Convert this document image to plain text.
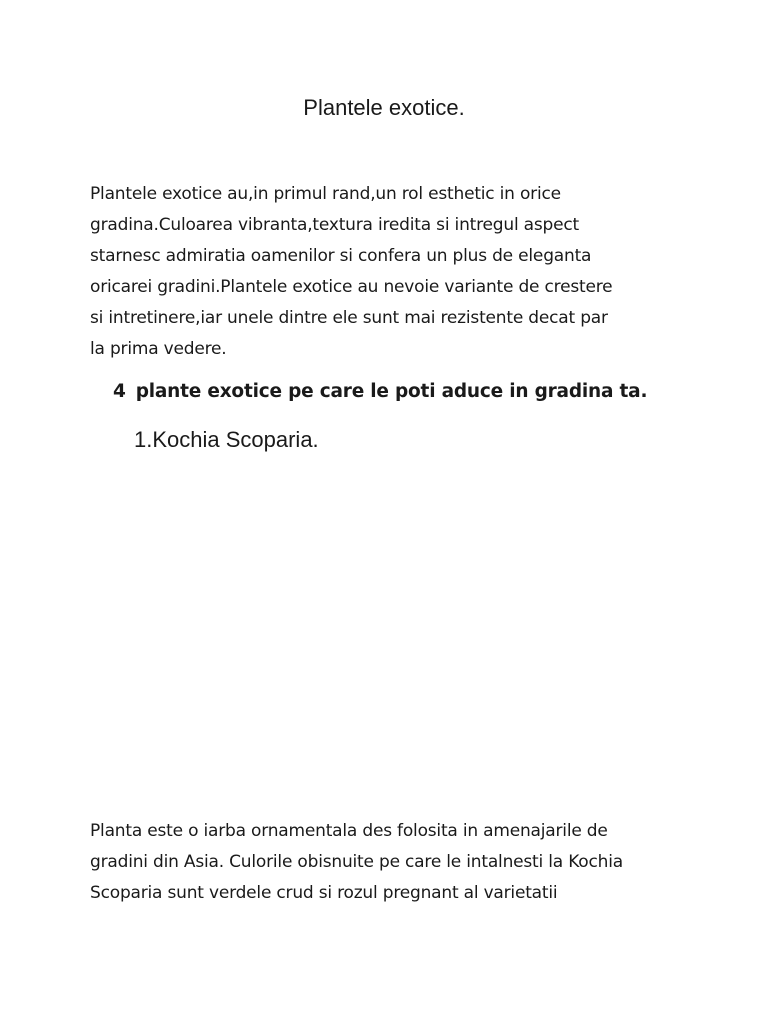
Plantele exotice.

Plantele exotice au,in primul rand,un rol esthetic in orice
gradina.Culoarea vibranta,textura iredita si intregul aspect
starnesc admiratia oamenilor si confera un plus de eleganta
oricarei gradini.Plantele exotice au nevoie variante de crestere
si intretinere,iar unele dintre ele sunt mai rezistente decat par
la prima vedere.

4 plante exotice pe care le poti aduce in gradina ta.
1.Kochia Scoparia.

Planta este o iarba ornamentala des folosita in amenajarile de
gradini din Asia. Culorile obisnuite pe care le intalnesti la Kochia
Scoparia sunt verdele crud si rozul pregnant al varietatii
